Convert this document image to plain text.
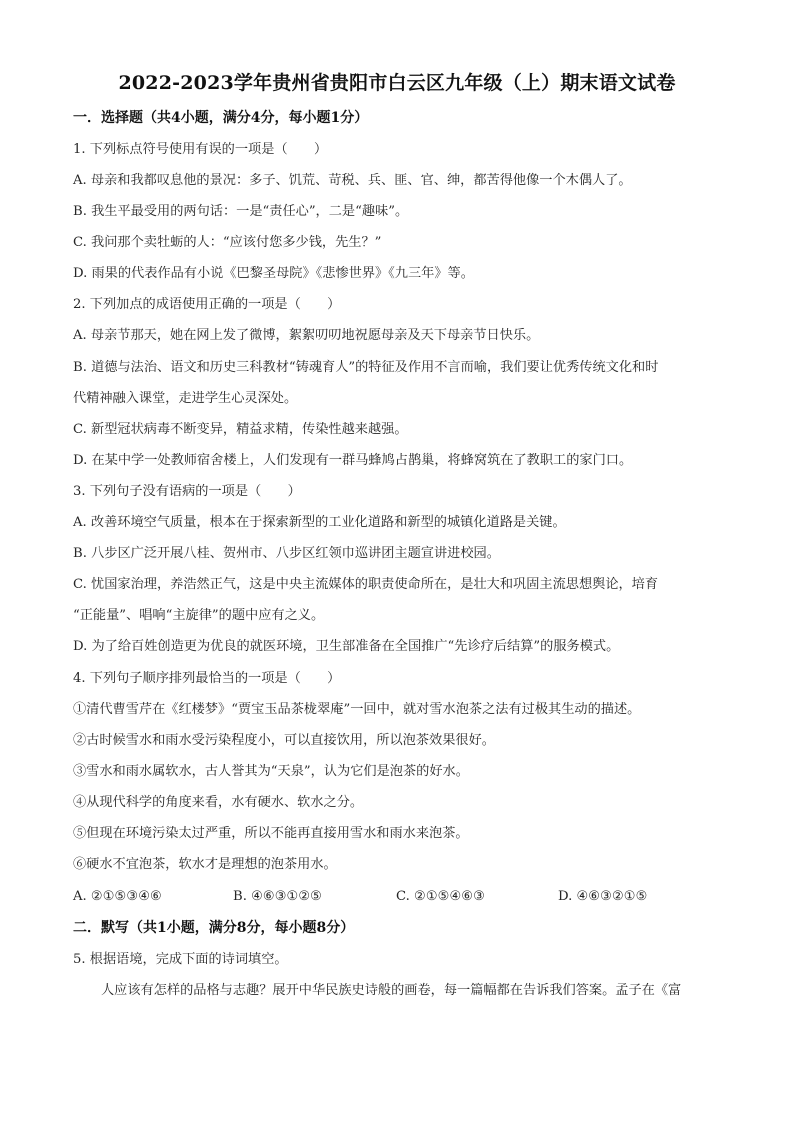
2022-2023学年贵州省贵阳市白云区九年级（上）期末语文试卷
一．选择题（共4小题，满分4分，每小题1分）
1. 下列标点符号使用有误的一项是（　　）
A. 母亲和我都叹息他的景况：多子、饥荒、苛税、兵、匪、官、绅，都苦得他像一个木偶人了。
B. 我生平最受用的两句话：一是“责任心”，二是“趣味”。
C. 我问那个卖牡蛎的人：“应该付您多少钱，先生？”
D. 雨果的代表作品有小说《巴黎圣母院》《悲惨世界》《九三年》等。
2. 下列加点的成语使用正确的一项是（　　）
A. 母亲节那天，她在网上发了微博，絮絮叨叨地祝愿母亲及天下母亲节日快乐。
B. 道德与法治、语文和历史三科教材“铸魂育人”的特征及作用不言而喻，我们要让优秀传统文化和时
代精神融入课堂，走进学生心灵深处。
C. 新型冠状病毒不断变异，精益求精，传染性越来越强。
D. 在某中学一处教师宿舍楼上，人们发现有一群马蜂鸠占鹊巢，将蜂窝筑在了教职工的家门口。
3. 下列句子没有语病的一项是（　　）
A. 改善环境空气质量，根本在于探索新型的工业化道路和新型的城镇化道路是关键。
B. 八步区广泛开展八桂、贺州市、八步区红领巾巡讲团主题宣讲进校园。
C. 忧国家治理，养浩然正气，这是中央主流媒体的职责使命所在，是壮大和巩固主流思想舆论，培育
“正能量”、唱响“主旋律”的题中应有之义。
D. 为了给百姓创造更为优良的就医环境，卫生部准备在全国推广“先诊疗后结算”的服务模式。
4. 下列句子顺序排列最恰当的一项是（　　）
①清代曹雪芹在《红楼梦》“贾宝玉品茶栊翠庵”一回中，就对雪水泡茶之法有过极其生动的描述。
②古时候雪水和雨水受污染程度小，可以直接饮用，所以泡茶效果很好。
③雪水和雨水属软水，古人誉其为“天泉”，认为它们是泡茶的好水。
④从现代科学的角度来看，水有硬水、软水之分。
⑤但现在环境污染太过严重，所以不能再直接用雪水和雨水来泡茶。
⑥硬水不宜泡茶，软水才是理想的泡茶用水。
A. ②①⑤③④⑥	B. ④⑥③①②⑤	C. ②①⑤④⑥③	D. ④⑥③②①⑤
二．默写（共1小题，满分8分，每小题8分）
5. 根据语境，完成下面的诗词填空。
人应该有怎样的品格与志趣？展开中华民族史诗般的画卷，每一篇幅都在告诉我们答案。孟子在《富
